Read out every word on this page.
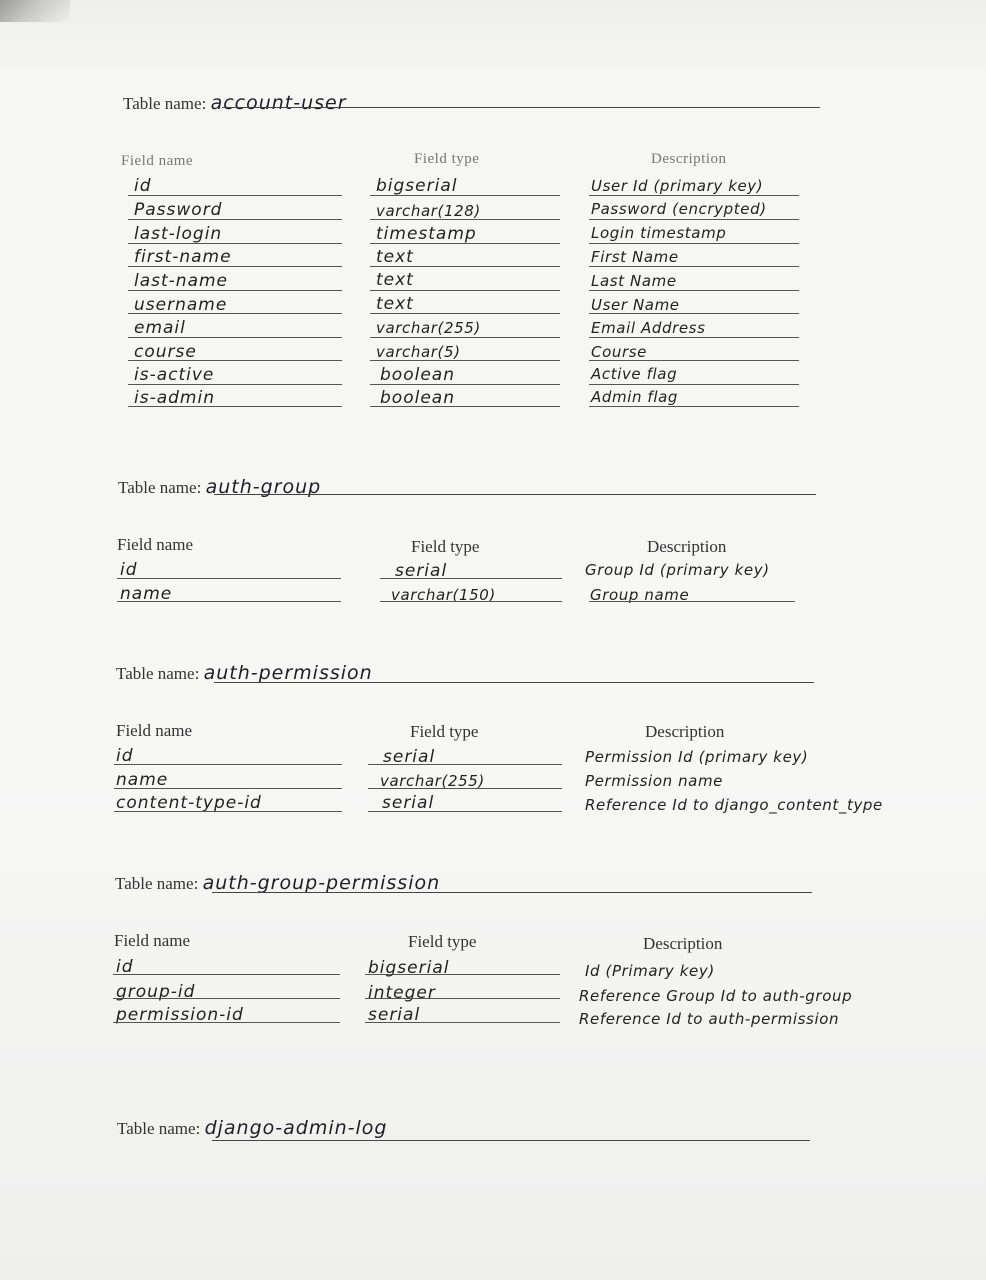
Table name: account-user
Field name	Field type	Description
id	bigserial	User Id (primary key)
Password	varchar(128)	Password (encrypted)
last-login	timestamp	Login timestamp
first-name	text	First Name
last-name	text	Last Name
username	text	User Name
email	varchar(255)	Email Address
course	varchar(5)	Course
is-active	boolean	Active flag
is-admin	boolean	Admin flag
Table name: auth-group
Field name	Field type	Description
id	serial	Group Id (primary key)
name	varchar(150)	Group name
Table name: auth-permission
Field name	Field type	Description
id	serial	Permission Id (primary key)
name	varchar(255)	Permission name
content-type-id	serial	Reference Id to django_content_type
Table name: auth-group-permission
Field name	Field type	Description
id	bigserial	Id (Primary key)
group-id	integer	Reference Group Id to auth-group
permission-id	serial	Reference Id to auth-permission
Table name: django-admin-log
